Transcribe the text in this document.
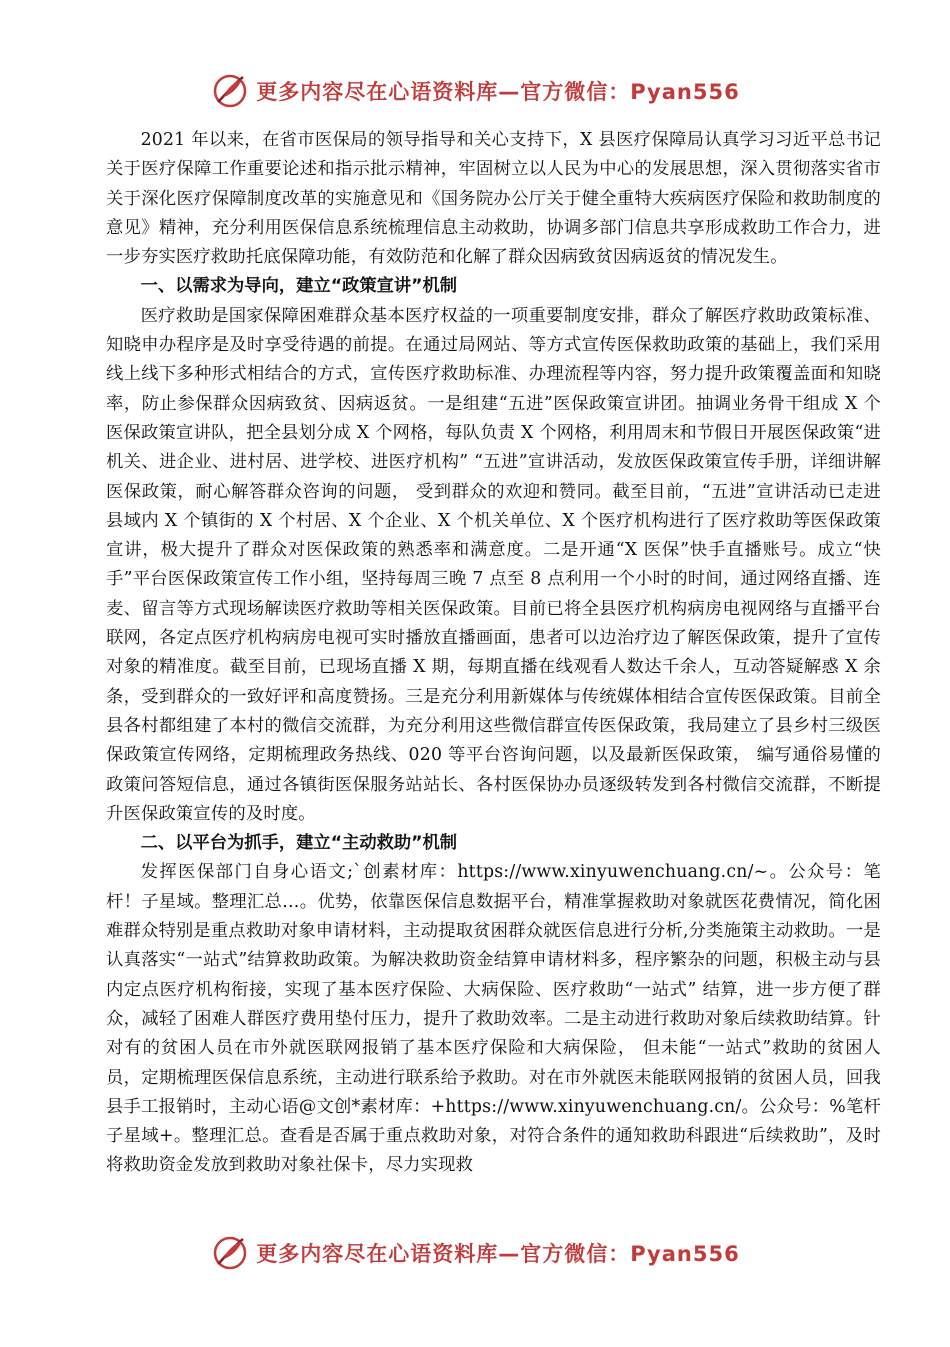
更多内容尽在心语资料库—官方微信：Pyan556

2021 年以来，在省市医保局的领导指导和关心支持下，X 县医疗保障局认真学习习近平总书记关于医疗保障工作重要论述和指示批示精神，牢固树立以人民为中心的发展思想，深入贯彻落实省市关于深化医疗保障制度改革的实施意见和《国务院办公厅关于健全重特大疾病医疗保险和救助制度的意见》精神，充分利用医保信息系统梳理信息主动救助，协调多部门信息共享形成救助工作合力，进一步夯实医疗救助托底保障功能，有效防范和化解了群众因病致贫因病返贫的情况发生。

一、以需求为导向，建立“政策宣讲”机制

医疗救助是国家保障困难群众基本医疗权益的一项重要制度安排，群众了解医疗救助政策标准、知晓申办程序是及时享受待遇的前提。在通过局网站、等方式宣传医保救助政策的基础上，我们采用线上线下多种形式相结合的方式，宣传医疗救助标准、办理流程等内容，努力提升政策覆盖面和知晓率，防止参保群众因病致贫、因病返贫。一是组建“五进”医保政策宣讲团。抽调业务骨干组成 X 个医保政策宣讲队，把全县划分成 X 个网格，每队负责 X 个网格，利用周末和节假日开展医保政策“进机关、进企业、进村居、进学校、进医疗机构” “五进”宣讲活动，发放医保政策宣传手册，详细讲解医保政策，耐心解答群众咨询的问题， 受到群众的欢迎和赞同。截至目前，“五进”宣讲活动已走进县域内 X 个镇街的 X 个村居、X 个企业、X 个机关单位、X 个医疗机构进行了医疗救助等医保政策宣讲，极大提升了群众对医保政策的熟悉率和满意度。二是开通“X 医保”快手直播账号。成立“快手”平台医保政策宣传工作小组，坚持每周三晚 7 点至 8 点利用一个小时的时间，通过网络直播、连麦、留言等方式现场解读医疗救助等相关医保政策。目前已将全县医疗机构病房电视网络与直播平台联网，各定点医疗机构病房电视可实时播放直播画面，患者可以边治疗边了解医保政策，提升了宣传对象的精准度。截至目前，已现场直播 X 期，每期直播在线观看人数达千余人，互动答疑解惑 X 余条，受到群众的一致好评和高度赞扬。三是充分利用新媒体与传统媒体相结合宣传医保政策。目前全县各村都组建了本村的微信交流群，为充分利用这些微信群宣传医保政策，我局建立了县乡村三级医保政策宣传网络，定期梳理政务热线、020 等平台咨询问题，以及最新医保政策， 编写通俗易懂的政策问答短信息，通过各镇街医保服务站站长、各村医保协办员逐级转发到各村微信交流群，不断提升医保政策宣传的及时度。

二、以平台为抓手，建立“主动救助”机制

发挥医保部门自身心语文;`创素材库：https://www.xinyuwenchuang.cn/~。公众号：笔杆！子星域。整理汇总…。优势，依靠医保信息数据平台，精准掌握救助对象就医花费情况，简化困难群众特别是重点救助对象申请材料，主动提取贫困群众就医信息进行分析,分类施策主动救助。一是认真落实“一站式”结算救助政策。为解决救助资金结算申请材料多，程序繁杂的问题，积极主动与县内定点医疗机构衔接，实现了基本医疗保险、大病保险、医疗救助“一站式” 结算，进一步方便了群众，减轻了困难人群医疗费用垫付压力，提升了救助效率。二是主动进行救助对象后续救助结算。针对有的贫困人员在市外就医联网报销了基本医疗保险和大病保险， 但未能“一站式”救助的贫困人员，定期梳理医保信息系统，主动进行联系给予救助。对在市外就医未能联网报销的贫困人员，回我县手工报销时，主动心语@文创*素材库：+https://www.xinyuwenchuang.cn/。公众号：%笔杆子星域+。整理汇总。查看是否属于重点救助对象，对符合条件的通知救助科跟进“后续救助”，及时将救助资金发放到救助对象社保卡，尽力实现救

更多内容尽在心语资料库—官方微信：Pyan556
